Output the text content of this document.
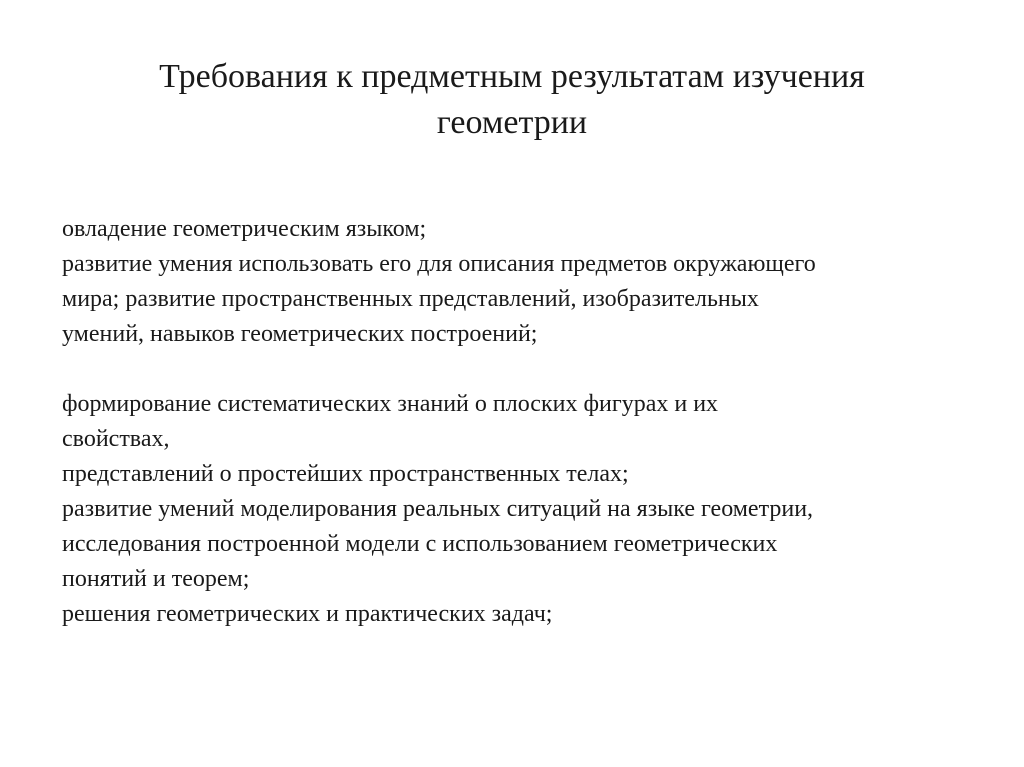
Требования к предметным результатам изучения
геометрии
овладение геометрическим языком;
развитие умения использовать его для описания предметов окружающего
мира; развитие пространственных представлений, изобразительных
умений, навыков геометрических построений;
формирование систематических знаний о плоских фигурах и их
свойствах,
представлений о простейших пространственных телах;
развитие умений моделирования реальных ситуаций на языке геометрии,
исследования построенной модели с использованием геометрических
понятий и теорем;
решения геометрических и практических задач;
